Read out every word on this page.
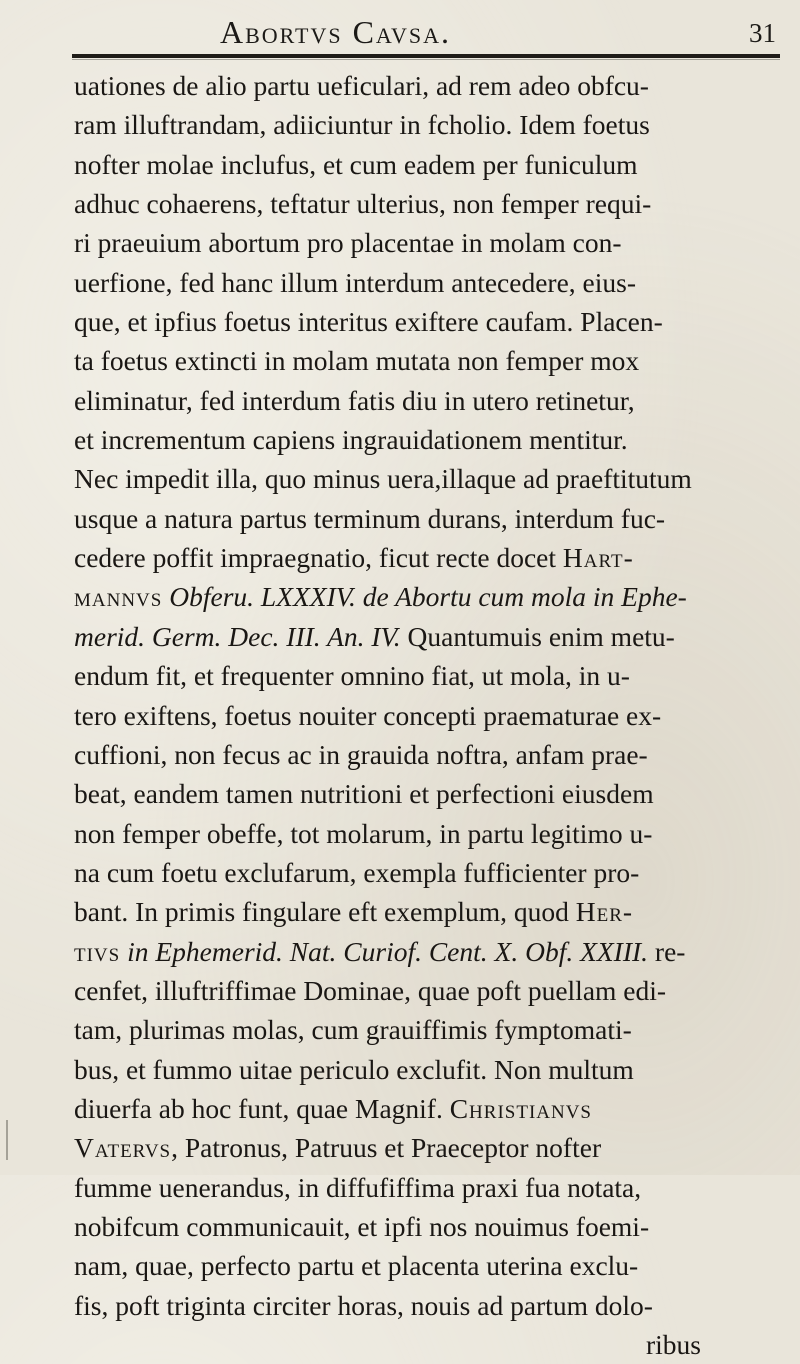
Abortvs Cavsa.	31
uationes de alio partu ueficulari, ad rem adeo obfcu-
ram illuftrandam, adiiciuntur in fcholio. Idem foetus
nofter molae inclufus, et cum eadem per funiculum
adhuc cohaerens, teftatur ulterius, non femper requi-
ri praeuium abortum pro placentae in molam con-
uerfione, fed hanc illum interdum antecedere, eius-
que, et ipfius foetus interitus exiftere caufam. Placen-
ta foetus extincti in molam mutata non femper mox
eliminatur, fed interdum fatis diu in utero retinetur,
et incrementum capiens ingrauidationem mentitur.
Nec impedit illa, quo minus uera,illaque ad praeftitutum
usque a natura partus terminum durans, interdum fuc-
cedere poffit impraegnatio, ficut recte docet Hart-
mannvs Obferu. LXXXIV. de Abortu cum mola in Ephe-
merid. Germ. Dec. III. An. IV. Quantumuis enim metu-
endum fit, et frequenter omnino fiat, ut mola, in u-
tero exiftens, foetus nouiter concepti praematurae ex-
cuffioni, non fecus ac in grauida noftra, anfam prae-
beat, eandem tamen nutritioni et perfectioni eiusdem
non femper obeffe, tot molarum, in partu legitimo u-
na cum foetu exclufarum, exempla fufficienter pro-
bant. In primis fingulare eft exemplum, quod Her-
tivs in Ephemerid. Nat. Curiof. Cent. X. Obf. XXIII. re-
cenfet, illuftriffimae Dominae, quae poft puellam edi-
tam, plurimas molas, cum grauiffimis fymptomati-
bus, et fummo uitae periculo exclufit. Non multum
diuerfa ab hoc funt, quae Magnif. Christianvs
Vatervs, Patronus, Patruus et Praeceptor nofter
fumme uenerandus, in diffufiffima praxi fua notata,
nobifcum communicauit, et ipfi nos nouimus foemi-
nam, quae, perfecto partu et placenta uterina exclu-
fis, poft triginta circiter horas, nouis ad partum dolo-
ribus
